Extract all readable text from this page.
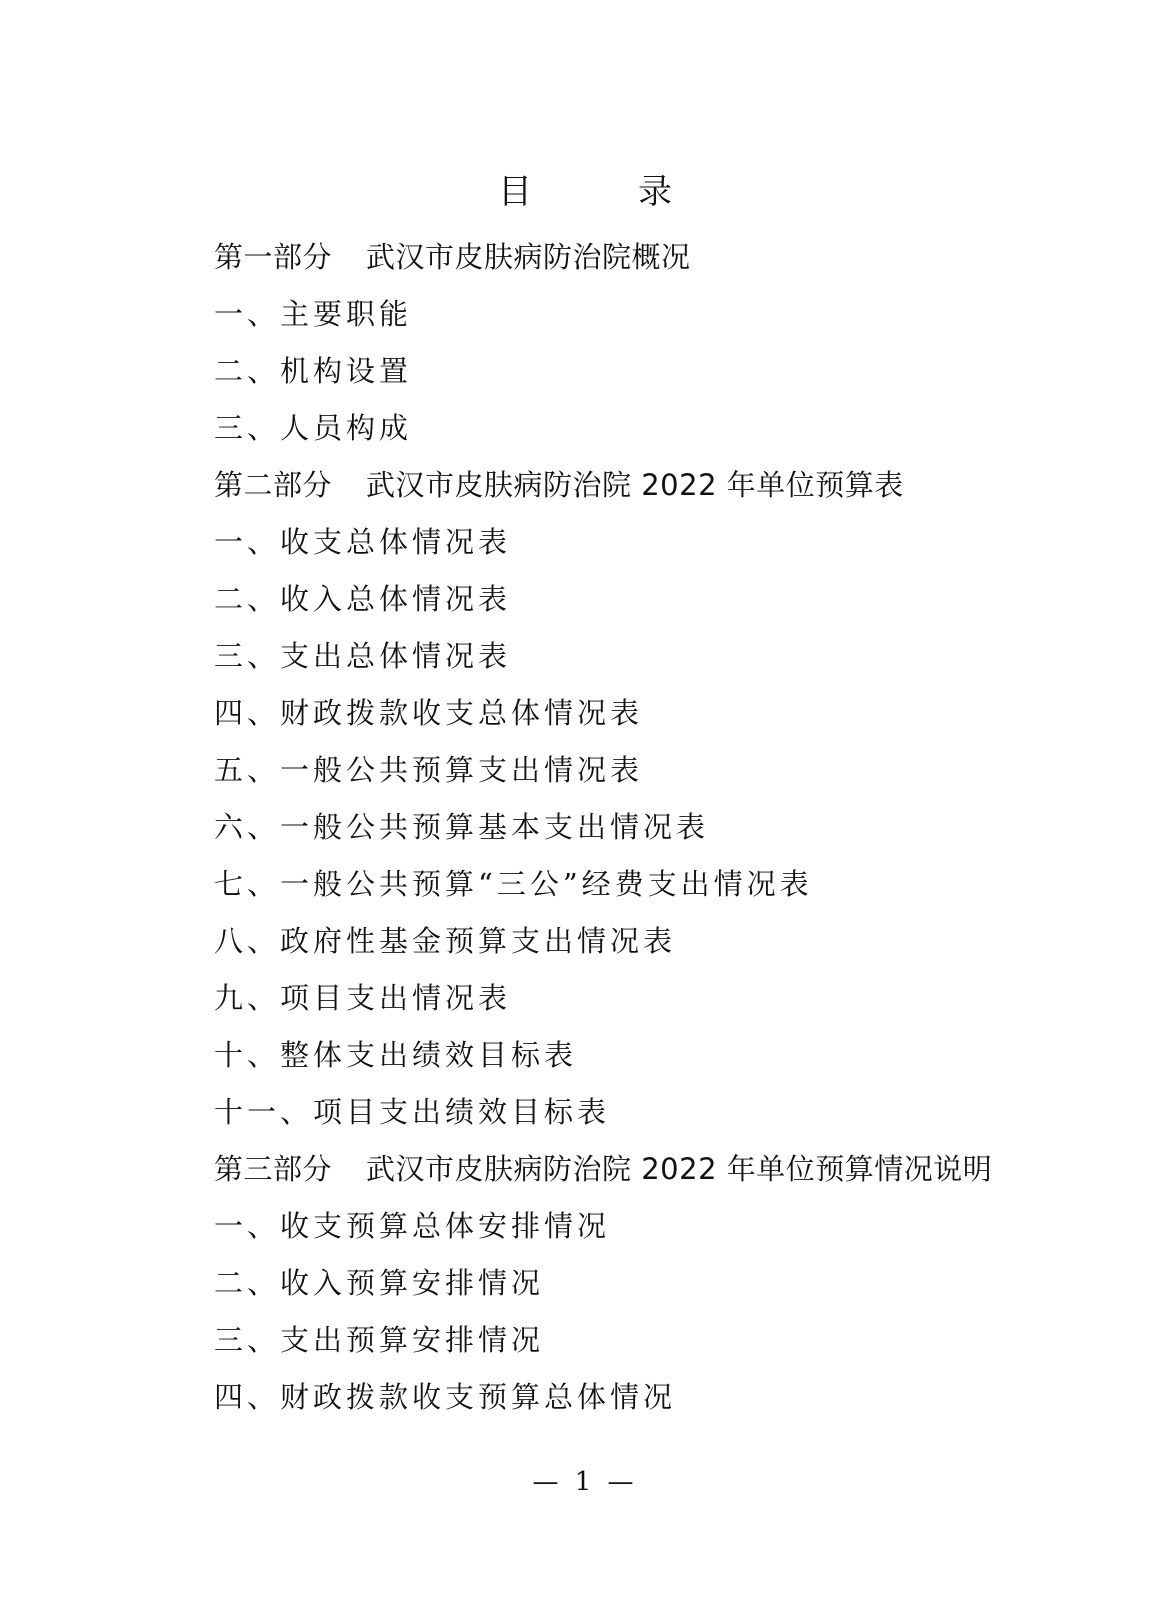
目　录
第一部分 武汉市皮肤病防治院概况
一、主要职能
二、机构设置
三、人员构成
第二部分 武汉市皮肤病防治院 2022 年单位预算表
一、收支总体情况表
二、收入总体情况表
三、支出总体情况表
四、财政拨款收支总体情况表
五、一般公共预算支出情况表
六、一般公共预算基本支出情况表
七、一般公共预算“三公”经费支出情况表
八、政府性基金预算支出情况表
九、项目支出情况表
十、整体支出绩效目标表
十一、项目支出绩效目标表
第三部分 武汉市皮肤病防治院 2022 年单位预算情况说明
一、收支预算总体安排情况
二、收入预算安排情况
三、支出预算安排情况
四、财政拨款收支预算总体情况
— 1 —
